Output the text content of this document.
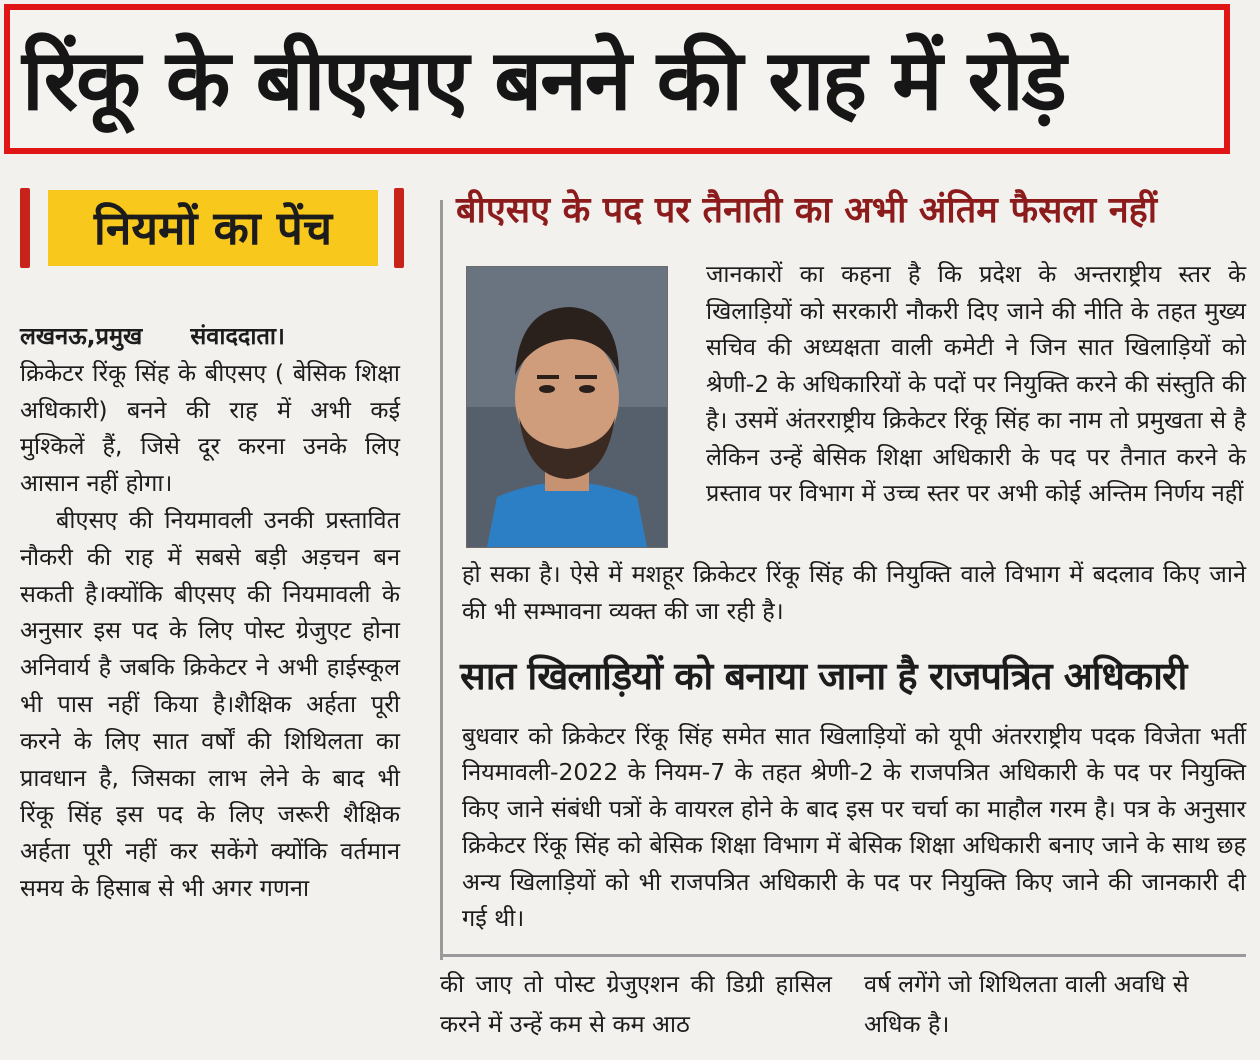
रिंकू के बीएसए बनने की राह में रोड़े
नियमों का पेंच

लखनऊ,प्रमुख संवाददाता।

क्रिकेटर रिंकू सिंह के बीएसए ( बेसिक शिक्षा अधिकारी) बनने की राह में अभी कई मुश्किलें हैं, जिसे दूर करना उनके लिए आसान नहीं होगा।

बीएसए की नियमावली उनकी प्रस्तावित नौकरी की राह में सबसे बड़ी अड़चन बन सकती है।क्योंकि बीएसए की नियमावली के अनुसार इस पद के लिए पोस्ट ग्रेजुएट होना अनिवार्य है जबकि क्रिकेटर ने अभी हाईस्कूल भी पास नहीं किया है।शैक्षिक अर्हता पूरी करने के लिए सात वर्षों की शिथिलता का प्रावधान है, जिसका लाभ लेने के बाद भी रिंकू सिंह इस पद के लिए जरूरी शैक्षिक अर्हता पूरी नहीं कर सकेंगे क्योंकि वर्तमान समय के हिसाब से भी अगर गणना

बीएसए के पद पर तैनाती का अभी अंतिम फैसला नहीं

जानकारों का कहना है कि प्रदेश के अन्तराष्ट्रीय स्तर के खिलाड़ियों को सरकारी नौकरी दिए जाने की नीति के तहत मुख्य सचिव की अध्यक्षता वाली कमेटी ने जिन सात खिलाड़ियों को श्रेणी-2 के अधिकारियों के पदों पर नियुक्ति करने की संस्तुति की है। उसमें अंतरराष्ट्रीय क्रिकेटर रिंकू सिंह का नाम तो प्रमुखता से है लेकिन उन्हें बेसिक शिक्षा अधिकारी के पद पर तैनात करने के प्रस्ताव पर विभाग में उच्च स्तर पर अभी कोई अन्तिम निर्णय नहीं

हो सका है। ऐसे में मशहूर क्रिकेटर रिंकू सिंह की नियुक्ति वाले विभाग में बदलाव किए जाने की भी सम्भावना व्यक्त की जा रही है।

सात खिलाड़ियों को बनाया जाना है राजपत्रित अधिकारी

बुधवार को क्रिकेटर रिंकू सिंह समेत सात खिलाड़ियों को यूपी अंतरराष्ट्रीय पदक विजेता भर्ती नियमावली-2022 के नियम-7 के तहत श्रेणी-2 के राजपत्रित अधिकारी के पद पर नियुक्ति किए जाने संबंधी पत्रों के वायरल होने के बाद इस पर चर्चा का माहौल गरम है। पत्र के अनुसार क्रिकेटर रिंकू सिंह को बेसिक शिक्षा विभाग में बेसिक शिक्षा अधिकारी बनाए जाने के साथ छह अन्य खिलाड़ियों को भी राजपत्रित अधिकारी के पद पर नियुक्ति किए जाने की जानकारी दी गई थी।

की जाए तो पोस्ट ग्रेजुएशन की डिग्री हासिल करने में उन्हें कम से कम आठ

वर्ष लगेंगे जो शिथिलता वाली अवधि से अधिक है।
